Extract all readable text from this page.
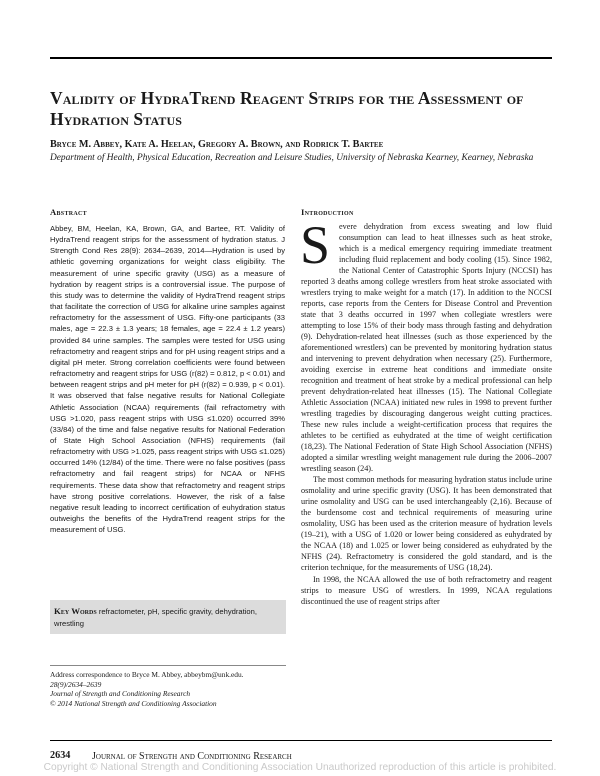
Validity of HydraTrend Reagent Strips for the Assessment of Hydration Status
Bryce M. Abbey, Kate A. Heelan, Gregory A. Brown, and Rodrick T. Bartee
Department of Health, Physical Education, Recreation and Leisure Studies, University of Nebraska Kearney, Kearney, Nebraska
Abstract
Abbey, BM, Heelan, KA, Brown, GA, and Bartee, RT. Validity of HydraTrend reagent strips for the assessment of hydration status. J Strength Cond Res 28(9): 2634–2639, 2014—Hydration is used by athletic governing organizations for weight class eligibility. The measurement of urine specific gravity (USG) as a measure of hydration by reagent strips is a controversial issue. The purpose of this study was to determine the validity of HydraTrend reagent strips that facilitate the correction of USG for alkaline urine samples against refractometry for the assessment of USG. Fifty-one participants (33 males, age = 22.3 ± 1.3 years; 18 females, age = 22.4 ± 1.2 years) provided 84 urine samples. The samples were tested for USG using refractometry and reagent strips and for pH using reagent strips and a digital pH meter. Strong correlation coefficients were found between refractometry and reagent strips for USG (r(82) = 0.812, p < 0.01) and between reagent strips and pH meter for pH (r(82) = 0.939, p < 0.01). It was observed that false negative results for National Collegiate Athletic Association (NCAA) requirements (fail refractometry with USG >1.020, pass reagent strips with USG ≤1.020) occurred 39% (33/84) of the time and false negative results for National Federation of State High School Association (NFHS) requirements (fail refractometry with USG >1.025, pass reagent strips with USG ≤1.025) occurred 14% (12/84) of the time. There were no false positives (pass refractometry and fail reagent strips) for NCAA or NFHS requirements. These data show that refractometry and reagent strips have strong positive correlations. However, the risk of a false negative result leading to incorrect certification of euhydration status outweighs the benefits of the HydraTrend reagent strips for the measurement of USG.
Key Words refractometer, pH, specific gravity, dehydration, wrestling
Address correspondence to Bryce M. Abbey, abbeybm@unk.edu.
28(9)/2634–2639
Journal of Strength and Conditioning Research
© 2014 National Strength and Conditioning Association
Introduction
S	evere dehydration from excess sweating and low fluid consumption can lead to heat illnesses such as heat stroke, which is a medical emergency requiring immediate treatment including fluid replacement and body cooling (15). Since 1982, the National Center of Catastrophic Sports Injury (NCCSI) has reported 3 deaths among college wrestlers from heat stroke associated with wrestlers trying to make weight for a match (17). In addition to the NCCSI reports, case reports from the Centers for Disease Control and Prevention state that 3 deaths occurred in 1997 when collegiate wrestlers were attempting to lose 15% of their body mass through fasting and dehydration (9). Dehydration-related heat illnesses (such as those experienced by the aforementioned wrestlers) can be prevented by monitoring hydration status and intervening to prevent dehydration when necessary (25). Furthermore, avoiding exercise in extreme heat conditions and immediate onsite recognition and treatment of heat stroke by a medical professional can help prevent dehydration-related heat illnesses (15). The National Collegiate Athletic Association (NCAA) initiated new rules in 1998 to prevent further wrestling tragedies by discouraging dangerous weight cutting practices. These new rules include a weight-certification process that requires the athletes to be certified as euhydrated at the time of weight certification (18,23). The National Federation of State High School Association (NFHS) adopted a similar wrestling weight management rule during the 2006–2007 wrestling season (24).

The most common methods for measuring hydration status include urine osmolality and urine specific gravity (USG). It has been demonstrated that urine osmolality and USG can be used interchangeably (2,16). Because of the burdensome cost and technical requirements of measuring urine osmolality, USG has been used as the criterion measure of hydration levels (19–21), with a USG of 1.020 or lower being considered as euhydrated by the NCAA (18) and 1.025 or lower being considered as euhydrated by the NFHS (24). Refractometry is considered the gold standard, and is the criterion technique, for the measurements of USG (18,24).

In 1998, the NCAA allowed the use of both refractometry and reagent strips to measure USG of wrestlers. In 1999, NCAA regulations discontinued the use of reagent strips after

2634 Journal of Strength and Conditioning Research
Copyright © National Strength and Conditioning Association Unauthorized reproduction of this article is prohibited.
